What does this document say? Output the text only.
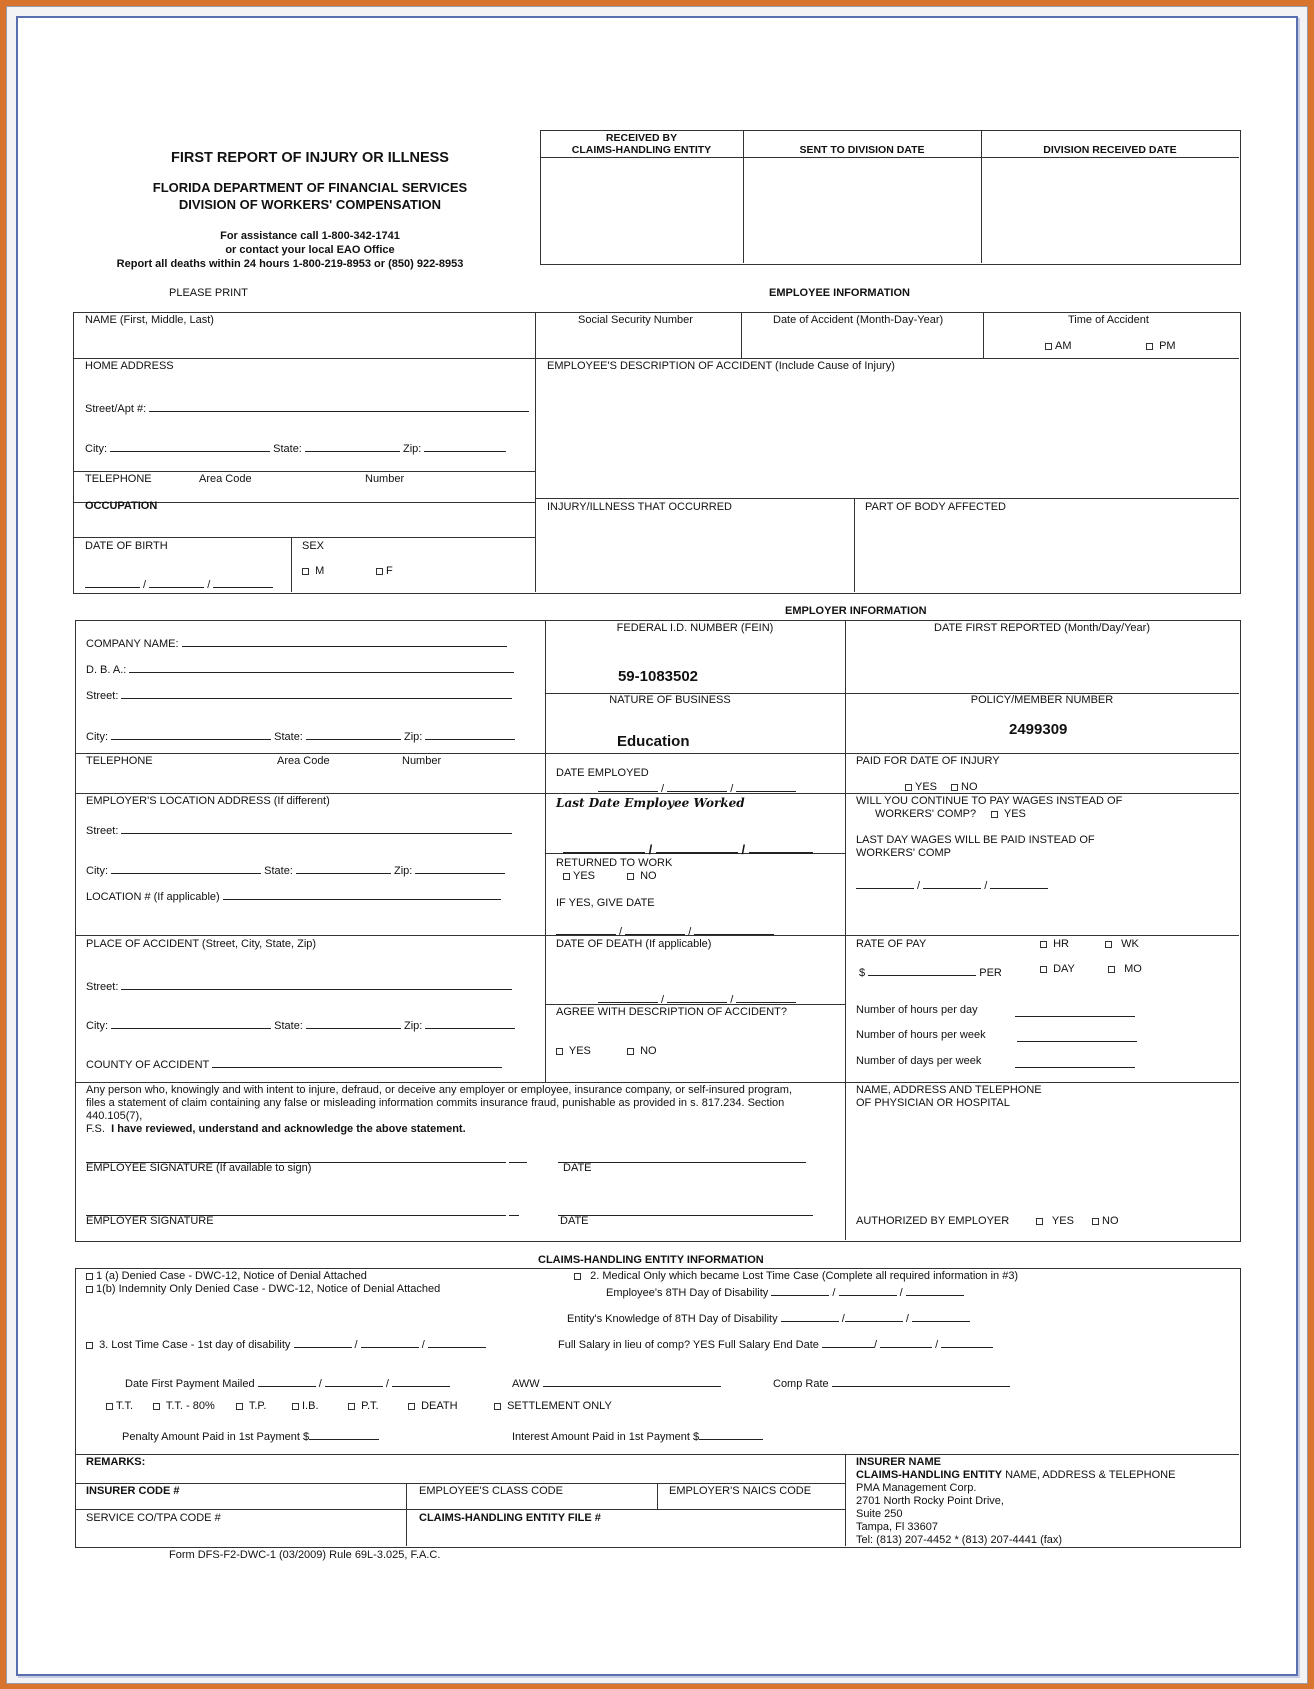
FIRST REPORT OF INJURY OR ILLNESS
FLORIDA DEPARTMENT OF FINANCIAL SERVICES
DIVISION OF WORKERS' COMPENSATION
For assistance call 1-800-342-1741
or contact your local EAO Office
Report all deaths within 24 hours 1-800-219-8953 or (850) 922-8953
RECEIVED BY
CLAIMS-HANDLING ENTITY	SENT TO DIVISION DATE	DIVISION RECEIVED DATE
PLEASE PRINT	EMPLOYEE INFORMATION
NAME (First, Middle, Last)	Social Security Number	Date of Accident (Month-Day-Year)	Time of Accident
AM	PM
HOME ADDRESS
Street/Apt #:
City:	State:	Zip:
TELEPHONE	Area Code	Number
EMPLOYEE'S DESCRIPTION OF ACCIDENT (Include Cause of Injury)
OCCUPATION	INJURY/ILLNESS THAT OCCURRED	PART OF BODY AFFECTED
DATE OF BIRTH
/	/
SEX
M	F
EMPLOYER INFORMATION
COMPANY NAME:
D. B. A.:
Street:
City:	State:	Zip:
FEDERAL I.D. NUMBER (FEIN)
59-1083502
DATE FIRST REPORTED (Month/Day/Year)
NATURE OF BUSINESS
Education
POLICY/MEMBER NUMBER
2499309
TELEPHONE	Area Code	Number
DATE EMPLOYED
/	/
PAID FOR DATE OF INJURY
YES	NO
EMPLOYER'S LOCATION ADDRESS (If different)
Street:
City:	State:	Zip:
LOCATION # (If applicable)
Last Date Employee Worked
/	/
RETURNED TO WORK
YES	NO
IF YES, GIVE DATE
/	/
WILL YOU CONTINUE TO PAY WAGES INSTEAD OF
WORKERS' COMP?	YES
LAST DAY WAGES WILL BE PAID INSTEAD OF
WORKERS' COMP
/	/
PLACE OF ACCIDENT (Street, City, State, Zip)
Street:
City:	State:	Zip:
COUNTY OF ACCIDENT
DATE OF DEATH (If applicable)
/	/
AGREE WITH DESCRIPTION OF ACCIDENT?
YES	NO
RATE OF PAY	HR	WK
$	PER	DAY	MO
Number of hours per day
Number of hours per week
Number of days per week
Any person who, knowingly and with intent to injure, defraud, or deceive any employer or employee, insurance company, or self-insured program,
files a statement of claim containing any false or misleading information commits insurance fraud, punishable as provided in s. 817.234. Section 440.105(7),
F.S. I have reviewed, understand and acknowledge the above statement.

EMPLOYEE SIGNATURE (If available to sign)	DATE

EMPLOYER SIGNATURE	DATE
NAME, ADDRESS AND TELEPHONE
OF PHYSICIAN OR HOSPITAL
AUTHORIZED BY EMPLOYER	YES	NO
CLAIMS-HANDLING ENTITY INFORMATION
1 (a) Denied Case - DWC-12, Notice of Denial Attached
1(b) Indemnity Only Denied Case - DWC-12, Notice of Denial Attached
2. Medical Only which became Lost Time Case (Complete all required information in #3)
Employee's 8TH Day of Disability	/	/
Entity's Knowledge of 8TH Day of Disability	/	/
3. Lost Time Case - 1st day of disability	/	/	Full Salary in lieu of comp? YES Full Salary End Date	/	/
Date First Payment Mailed	/	/	AWW	Comp Rate
T.T.	T.T. - 80%	T.P.	I.B.	P.T.	DEATH	SETTLEMENT ONLY
Penalty Amount Paid in 1st Payment $	Interest Amount Paid in 1st Payment $
REMARKS:
INSURER CODE #	EMPLOYEE'S CLASS CODE	EMPLOYER'S NAICS CODE
SERVICE CO/TPA CODE #	CLAIMS-HANDLING ENTITY FILE #
INSURER NAME
CLAIMS-HANDLING ENTITY NAME, ADDRESS & TELEPHONE
PMA Management Corp.
2701 North Rocky Point Drive,
Suite 250
Tampa, Fl 33607
Tel: (813) 207-4452 * (813) 207-4441 (fax)
Form DFS-F2-DWC-1 (03/2009) Rule 69L-3.025, F.A.C.
